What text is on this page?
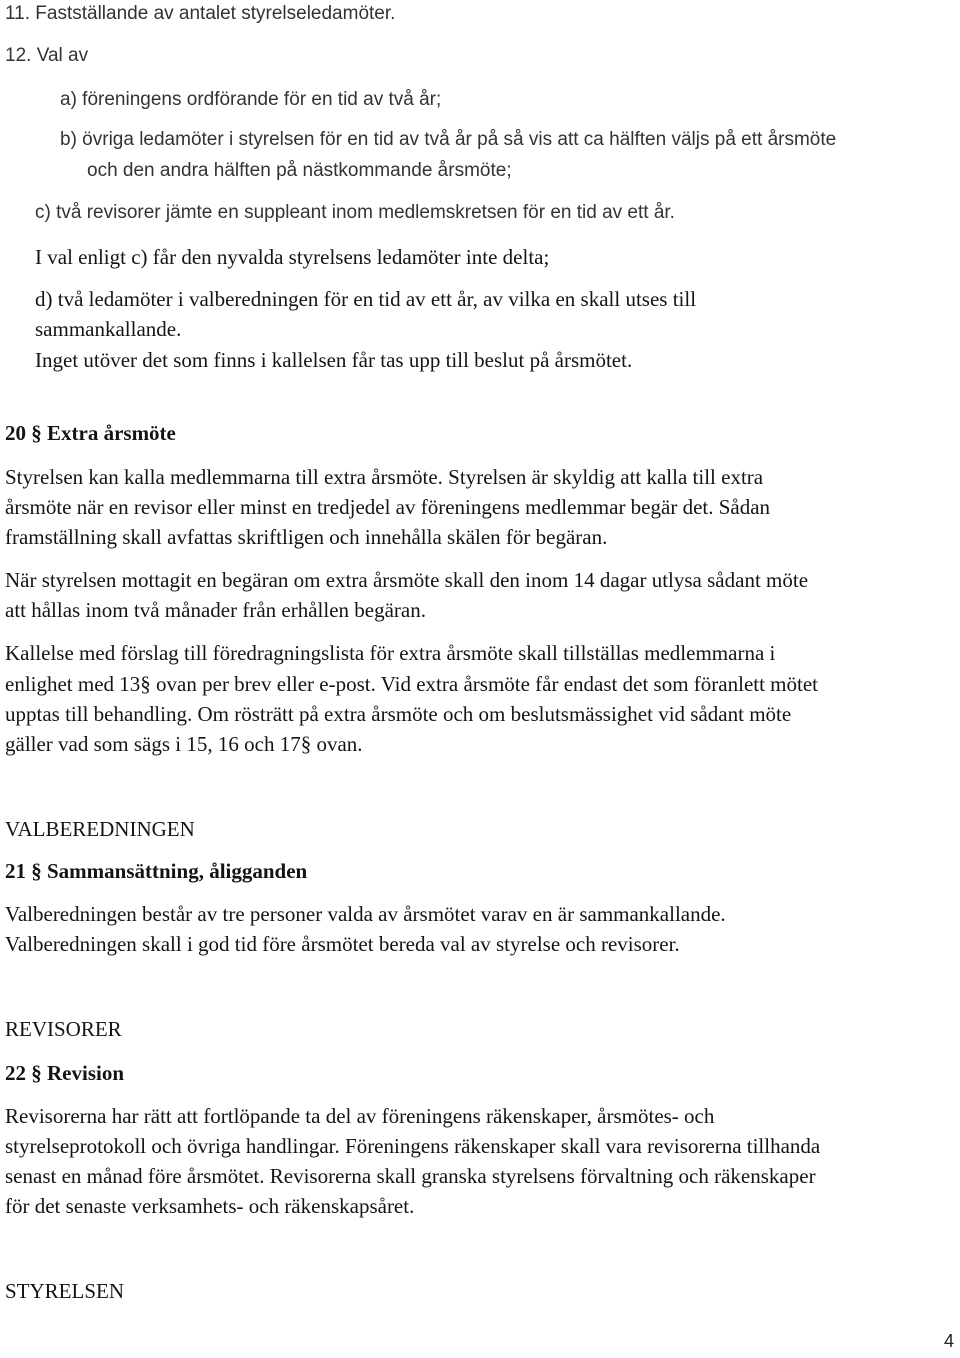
11. Fastställande av antalet styrelseledamöter.
12. Val av
a) föreningens ordförande för en tid av två år;
b) övriga ledamöter i styrelsen för en tid av två år på så vis att ca hälften väljs på ett årsmöte
och den andra hälften på nästkommande årsmöte;
c) två revisorer jämte en suppleant inom medlemskretsen för en tid av ett år.
I val enligt c) får den nyvalda styrelsens ledamöter inte delta;
d) två ledamöter i valberedningen för en tid av ett år, av vilka en skall utses till
sammankallande.
Inget utöver det som finns i kallelsen får tas upp till beslut på årsmötet.
20 § Extra årsmöte
Styrelsen kan kalla medlemmarna till extra årsmöte. Styrelsen är skyldig att kalla till extra
årsmöte när en revisor eller minst en tredjedel av föreningens medlemmar begär det. Sådan
framställning skall avfattas skriftligen och innehålla skälen för begäran.
När styrelsen mottagit en begäran om extra årsmöte skall den inom 14 dagar utlysa sådant möte
att hållas inom två månader från erhållen begäran.
Kallelse med förslag till föredragningslista för extra årsmöte skall tillställas medlemmarna i
enlighet med 13§ ovan per brev eller e-post. Vid extra årsmöte får endast det som föranlett mötet
upptas till behandling. Om rösträtt på extra årsmöte och om beslutsmässighet vid sådant möte
gäller vad som sägs i 15, 16 och 17§ ovan.
VALBEREDNINGEN
21 § Sammansättning, åligganden
Valberedningen består av tre personer valda av årsmötet varav en är sammankallande.
Valberedningen skall i god tid före årsmötet bereda val av styrelse och revisorer.
REVISORER
22 § Revision
Revisorerna har rätt att fortlöpande ta del av föreningens räkenskaper, årsmötes- och
styrelseprotokoll och övriga handlingar. Föreningens räkenskaper skall vara revisorerna tillhanda
senast en månad före årsmötet. Revisorerna skall granska styrelsens förvaltning och räkenskaper
för det senaste verksamhets- och räkenskapsåret.
STYRELSEN
4
